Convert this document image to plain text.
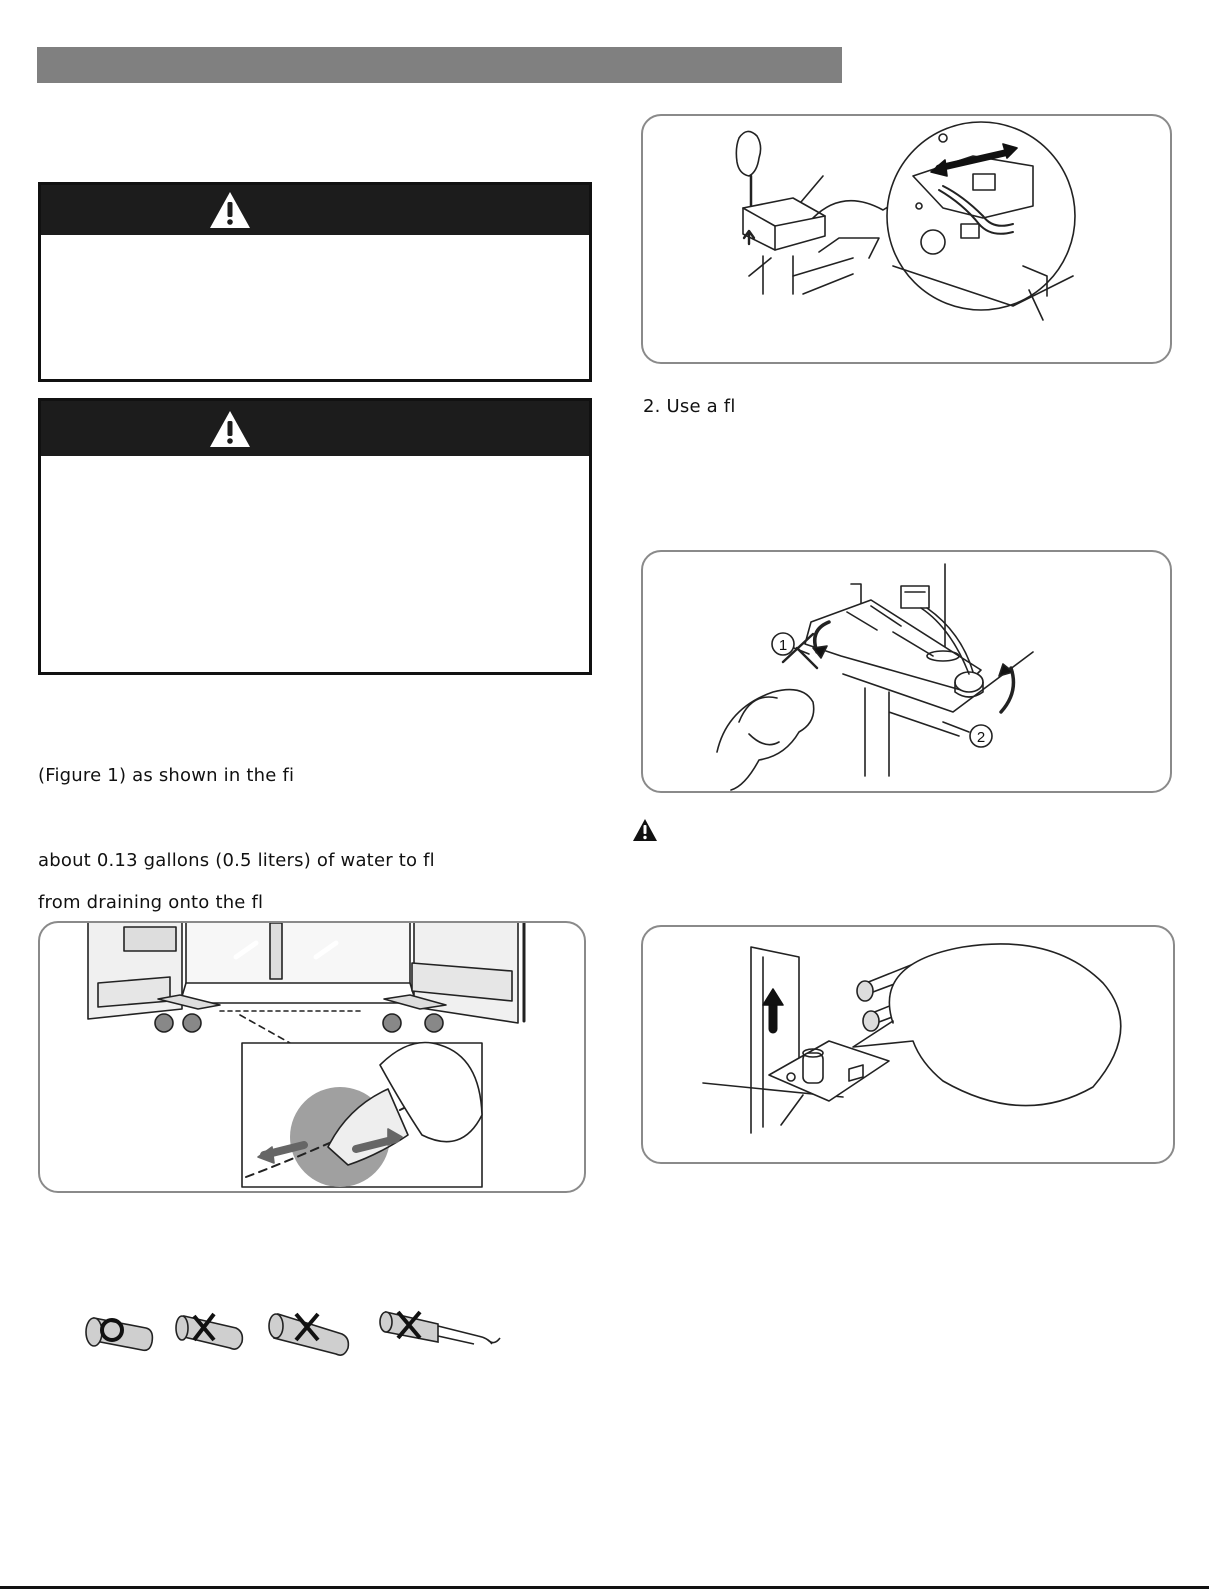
(Figure 1) as shown in the fi
about 0.13 gallons (0.5 liters) of water to fl
from draining onto the fl
2. Use a fl
1
2
